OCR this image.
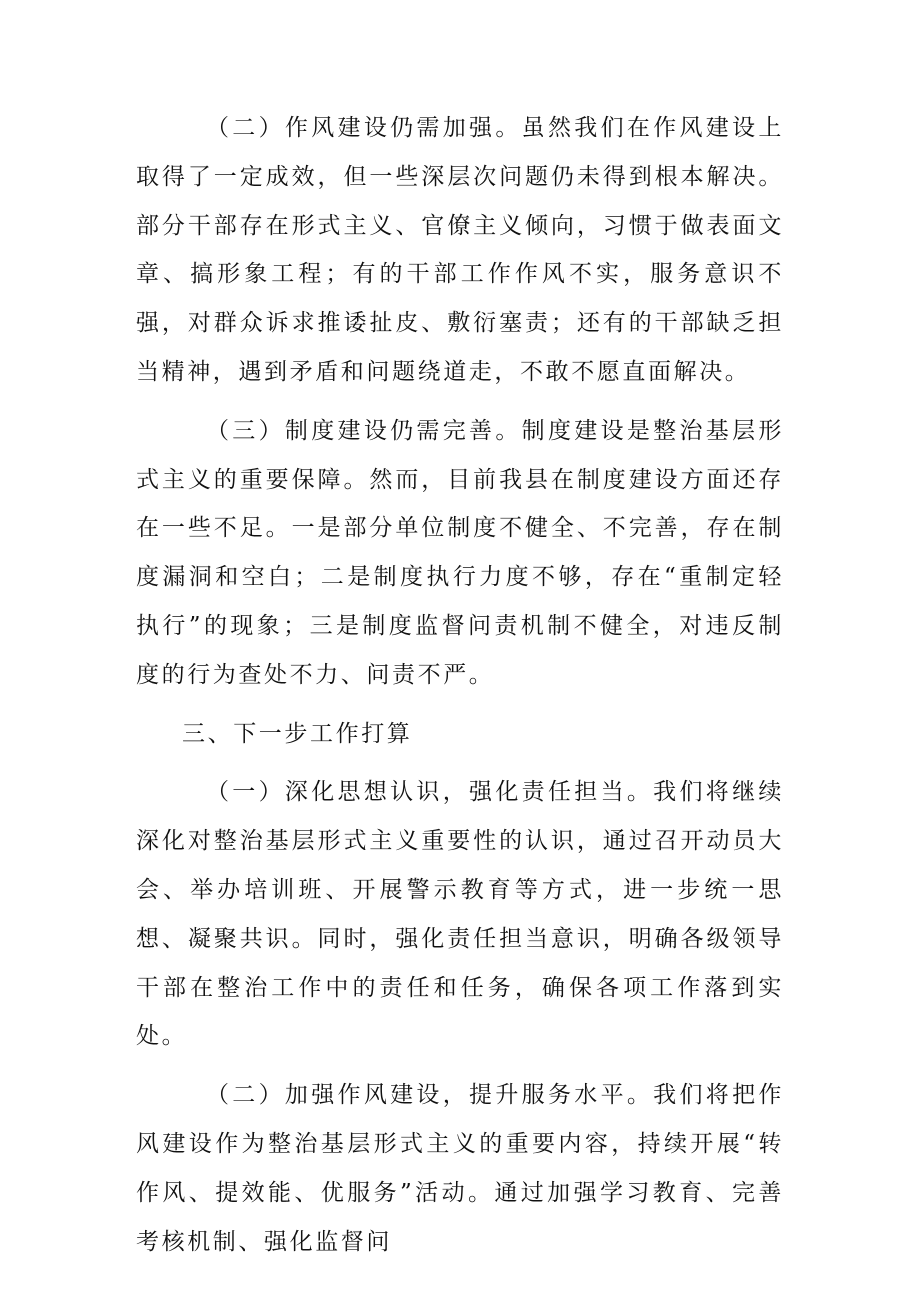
（二）作风建设仍需加强。虽然我们在作风建设上取得了一定成效，但一些深层次问题仍未得到根本解决。部分干部存在形式主义、官僚主义倾向，习惯于做表面文章、搞形象工程；有的干部工作作风不实，服务意识不强，对群众诉求推诿扯皮、敷衍塞责；还有的干部缺乏担当精神，遇到矛盾和问题绕道走，不敢不愿直面解决。

（三）制度建设仍需完善。制度建设是整治基层形式主义的重要保障。然而，目前我县在制度建设方面还存在一些不足。一是部分单位制度不健全、不完善，存在制度漏洞和空白；二是制度执行力度不够，存在“重制定轻执行”的现象；三是制度监督问责机制不健全，对违反制度的行为查处不力、问责不严。

三、下一步工作打算

（一）深化思想认识，强化责任担当。我们将继续深化对整治基层形式主义重要性的认识，通过召开动员大会、举办培训班、开展警示教育等方式，进一步统一思想、凝聚共识。同时，强化责任担当意识，明确各级领导干部在整治工作中的责任和任务，确保各项工作落到实处。

（二）加强作风建设，提升服务水平。我们将把作风建设作为整治基层形式主义的重要内容，持续开展“转作风、提效能、优服务”活动。通过加强学习教育、完善考核机制、强化监督问
